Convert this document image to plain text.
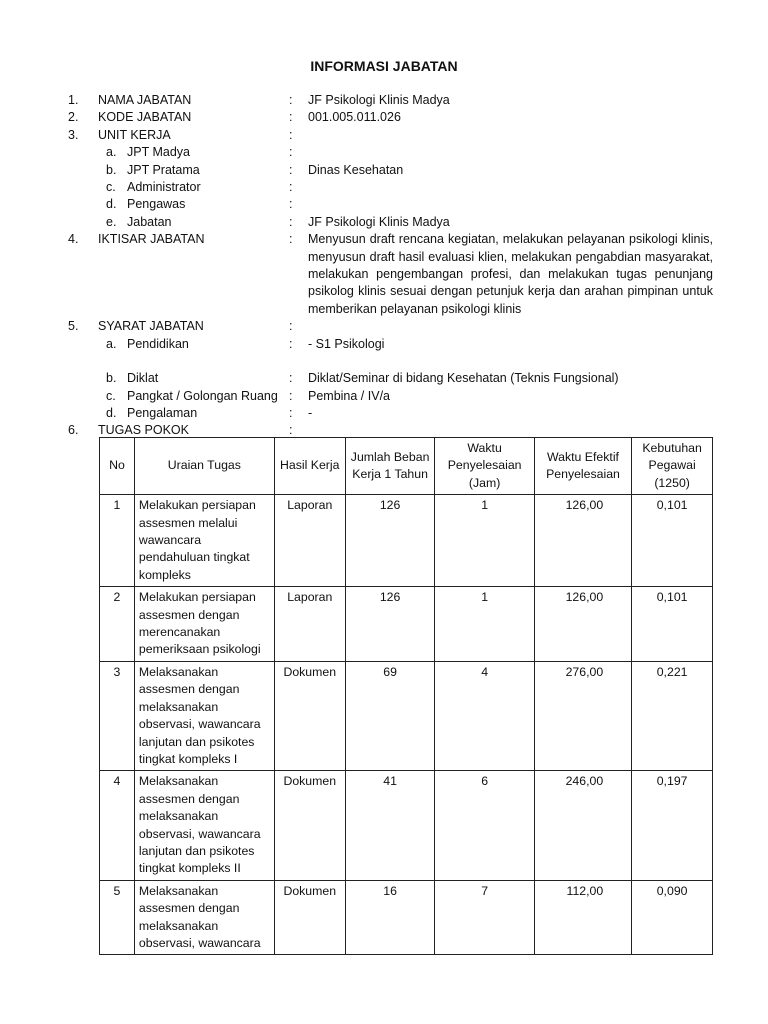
INFORMASI JABATAN
1. NAMA JABATAN	: JF Psikologi Klinis Madya
2. KODE JABATAN	: 001.005.011.026
3. UNIT KERJA	:
a. JPT Madya	:
b. JPT Pratama	: Dinas Kesehatan
c. Administrator	:
d. Pengawas	:
e. Jabatan	: JF Psikologi Klinis Madya
4. IKTISAR JABATAN	: Menyusun draft rencana kegiatan, melakukan pelayanan psikologi klinis, menyusun draft hasil evaluasi klien, melakukan pengabdian masyarakat, melakukan pengembangan profesi, dan melakukan tugas penunjang psikolog klinis sesuai dengan petunjuk kerja dan arahan pimpinan untuk memberikan pelayanan psikologi klinis
5. SYARAT JABATAN	:
a. Pendidikan	: - S1 Psikologi
b. Diklat	: Diklat/Seminar di bidang Kesehatan (Teknis Fungsional)
c. Pangkat / Golongan Ruang : Pembina / IV/a
d. Pengalaman	: -
6. TUGAS POKOK	:
No	Uraian Tugas	Hasil Kerja	Jumlah Beban Kerja 1 Tahun	Waktu Penyelesaian (Jam)	Waktu Efektif Penyelesaian	Kebutuhan Pegawai (1250)
1	Melakukan persiapan assesmen melalui wawancara pendahuluan tingkat kompleks	Laporan	126	1	126,00	0,101
2	Melakukan persiapan assesmen dengan merencanakan pemeriksaan psikologi	Laporan	126	1	126,00	0,101
3	Melaksanakan assesmen dengan melaksanakan observasi, wawancara lanjutan dan psikotes tingkat kompleks I	Dokumen	69	4	276,00	0,221
4	Melaksanakan assesmen dengan melaksanakan observasi, wawancara lanjutan dan psikotes tingkat kompleks II	Dokumen	41	6	246,00	0,197
5	Melaksanakan assesmen dengan melaksanakan observasi, wawancara	Dokumen	16	7	112,00	0,090
